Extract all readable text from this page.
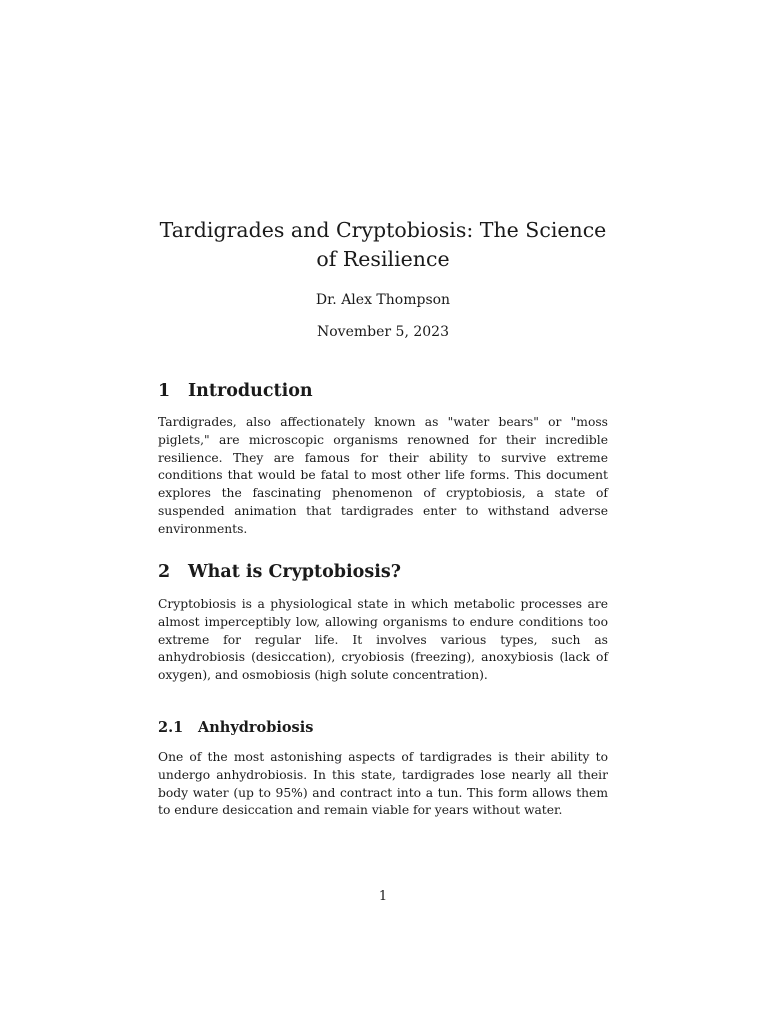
Tardigrades and Cryptobiosis: The Science of Resilience
Dr. Alex Thompson
November 5, 2023
1 Introduction

Tardigrades, also affectionately known as "water bears" or "moss piglets," are microscopic organisms renowned for their incredible resilience. They are famous for their ability to survive extreme conditions that would be fatal to most other life forms. This document explores the fascinating phenomenon of cryptobiosis, a state of suspended animation that tardigrades enter to withstand adverse environments.

2 What is Cryptobiosis?

Cryptobiosis is a physiological state in which metabolic processes are almost imperceptibly low, allowing organisms to endure conditions too extreme for regular life. It involves various types, such as anhydrobiosis (desiccation), cryobiosis (freezing), anoxybiosis (lack of oxygen), and osmobiosis (high solute concentration).

2.1 Anhydrobiosis

One of the most astonishing aspects of tardigrades is their ability to undergo anhydrobiosis. In this state, tardigrades lose nearly all their body water (up to 95%) and contract into a tun. This form allows them to endure desiccation and remain viable for years without water.

1
